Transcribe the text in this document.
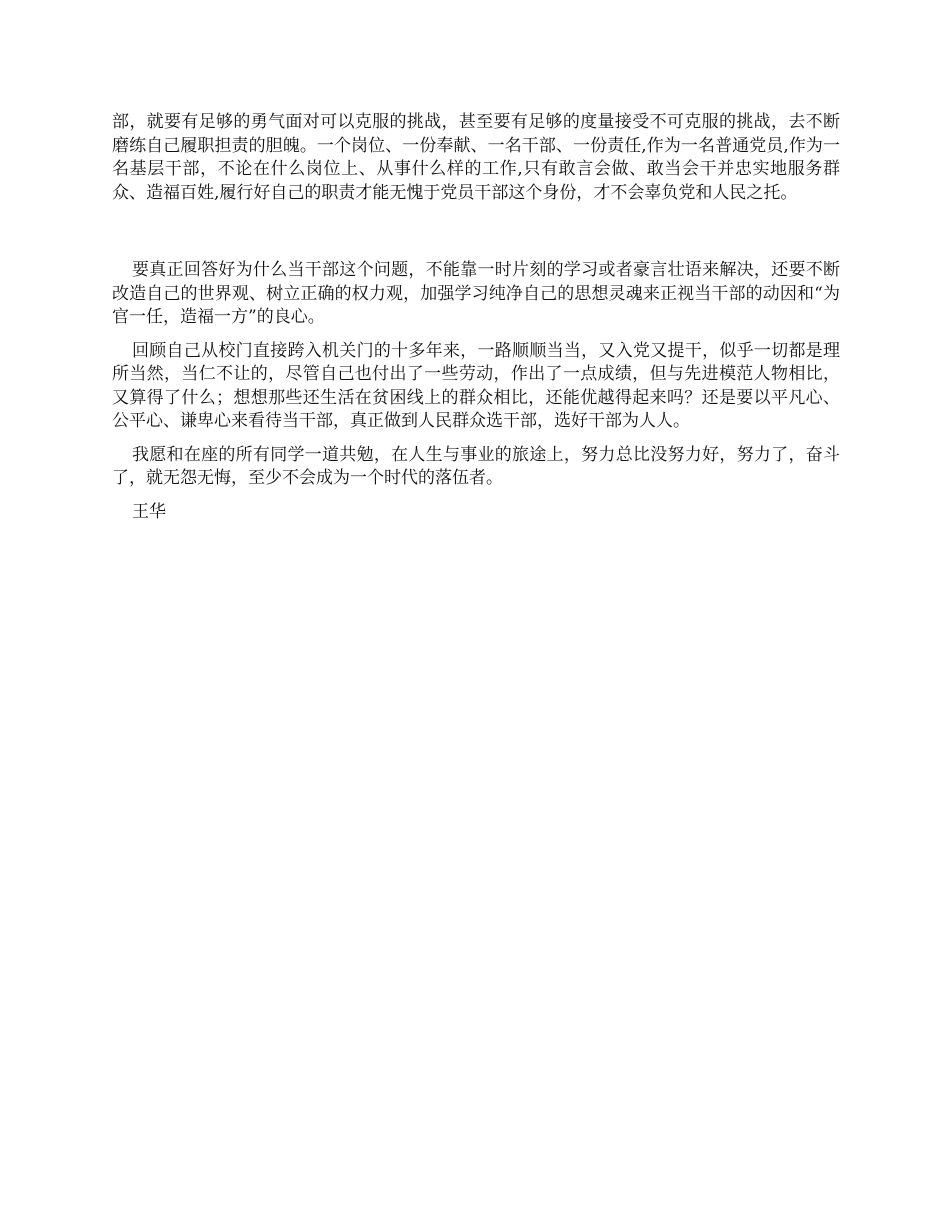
部，就要有足够的勇气面对可以克服的挑战，甚至要有足够的度量接受不可克服的挑战，去不断磨练自己履职担责的胆魄。一个岗位、一份奉献、一名干部、一份责任,作为一名普通党员,作为一名基层干部，不论在什么岗位上、从事什么样的工作,只有敢言会做、敢当会干并忠实地服务群众、造福百姓,履行好自己的职责才能无愧于党员干部这个身份，才不会辜负党和人民之托。

要真正回答好为什么当干部这个问题，不能靠一时片刻的学习或者豪言壮语来解决，还要不断改造自己的世界观、树立正确的权力观，加强学习纯净自己的思想灵魂来正视当干部的动因和“为官一任，造福一方”的良心。

回顾自己从校门直接跨入机关门的十多年来，一路顺顺当当，又入党又提干，似乎一切都是理所当然，当仁不让的，尽管自己也付出了一些劳动，作出了一点成绩，但与先进模范人物相比，又算得了什么；想想那些还生活在贫困线上的群众相比，还能优越得起来吗？还是要以平凡心、公平心、谦卑心来看待当干部，真正做到人民群众选干部，选好干部为人人。

我愿和在座的所有同学一道共勉，在人生与事业的旅途上，努力总比没努力好，努力了，奋斗了，就无怨无悔，至少不会成为一个时代的落伍者。

王华
